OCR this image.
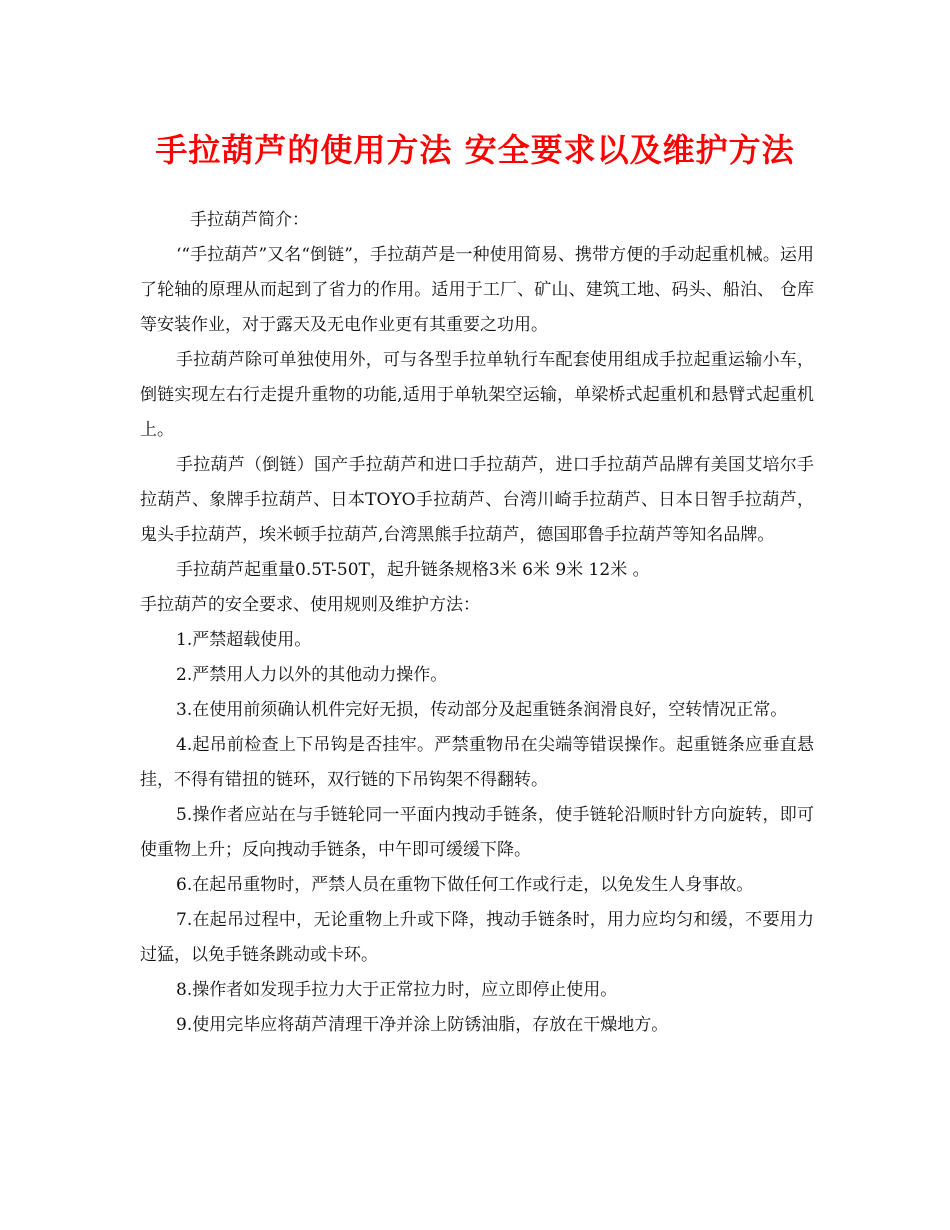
手拉葫芦的使用方法 安全要求以及维护方法

手拉葫芦简介：

‘“手拉葫芦”又名“倒链”，手拉葫芦是一种使用简易、携带方便的手动起重机械。运用了轮轴的原理从而起到了省力的作用。适用于工厂、矿山、建筑工地、码头、船泊、 仓库等安装作业，对于露天及无电作业更有其重要之功用。

手拉葫芦除可单独使用外，可与各型手拉单轨行车配套使用组成手拉起重运输小车，倒链实现左右行走提升重物的功能,适用于单轨架空运输，单梁桥式起重机和悬臂式起重机上。

手拉葫芦（倒链）国产手拉葫芦和进口手拉葫芦，进口手拉葫芦品牌有美国艾培尔手拉葫芦、象牌手拉葫芦、日本TOYO手拉葫芦、台湾川崎手拉葫芦、日本日智手拉葫芦，鬼头手拉葫芦，埃米顿手拉葫芦,台湾黑熊手拉葫芦，德国耶鲁手拉葫芦等知名品牌。

手拉葫芦起重量0.5T-50T，起升链条规格3米 6米 9米 12米 。

手拉葫芦的安全要求、使用规则及维护方法：

1.严禁超载使用。

2.严禁用人力以外的其他动力操作。

3.在使用前须确认机件完好无损，传动部分及起重链条润滑良好，空转情况正常。

4.起吊前检查上下吊钩是否挂牢。严禁重物吊在尖端等错误操作。起重链条应垂直悬挂，不得有错扭的链环，双行链的下吊钩架不得翻转。

5.操作者应站在与手链轮同一平面内拽动手链条，使手链轮沿顺时针方向旋转，即可使重物上升；反向拽动手链条，中午即可缓缓下降。

6.在起吊重物时，严禁人员在重物下做任何工作或行走，以免发生人身事故。

7.在起吊过程中，无论重物上升或下降，拽动手链条时，用力应均匀和缓，不要用力过猛，以免手链条跳动或卡环。

8.操作者如发现手拉力大于正常拉力时，应立即停止使用。

9.使用完毕应将葫芦清理干净并涂上防锈油脂，存放在干燥地方。
